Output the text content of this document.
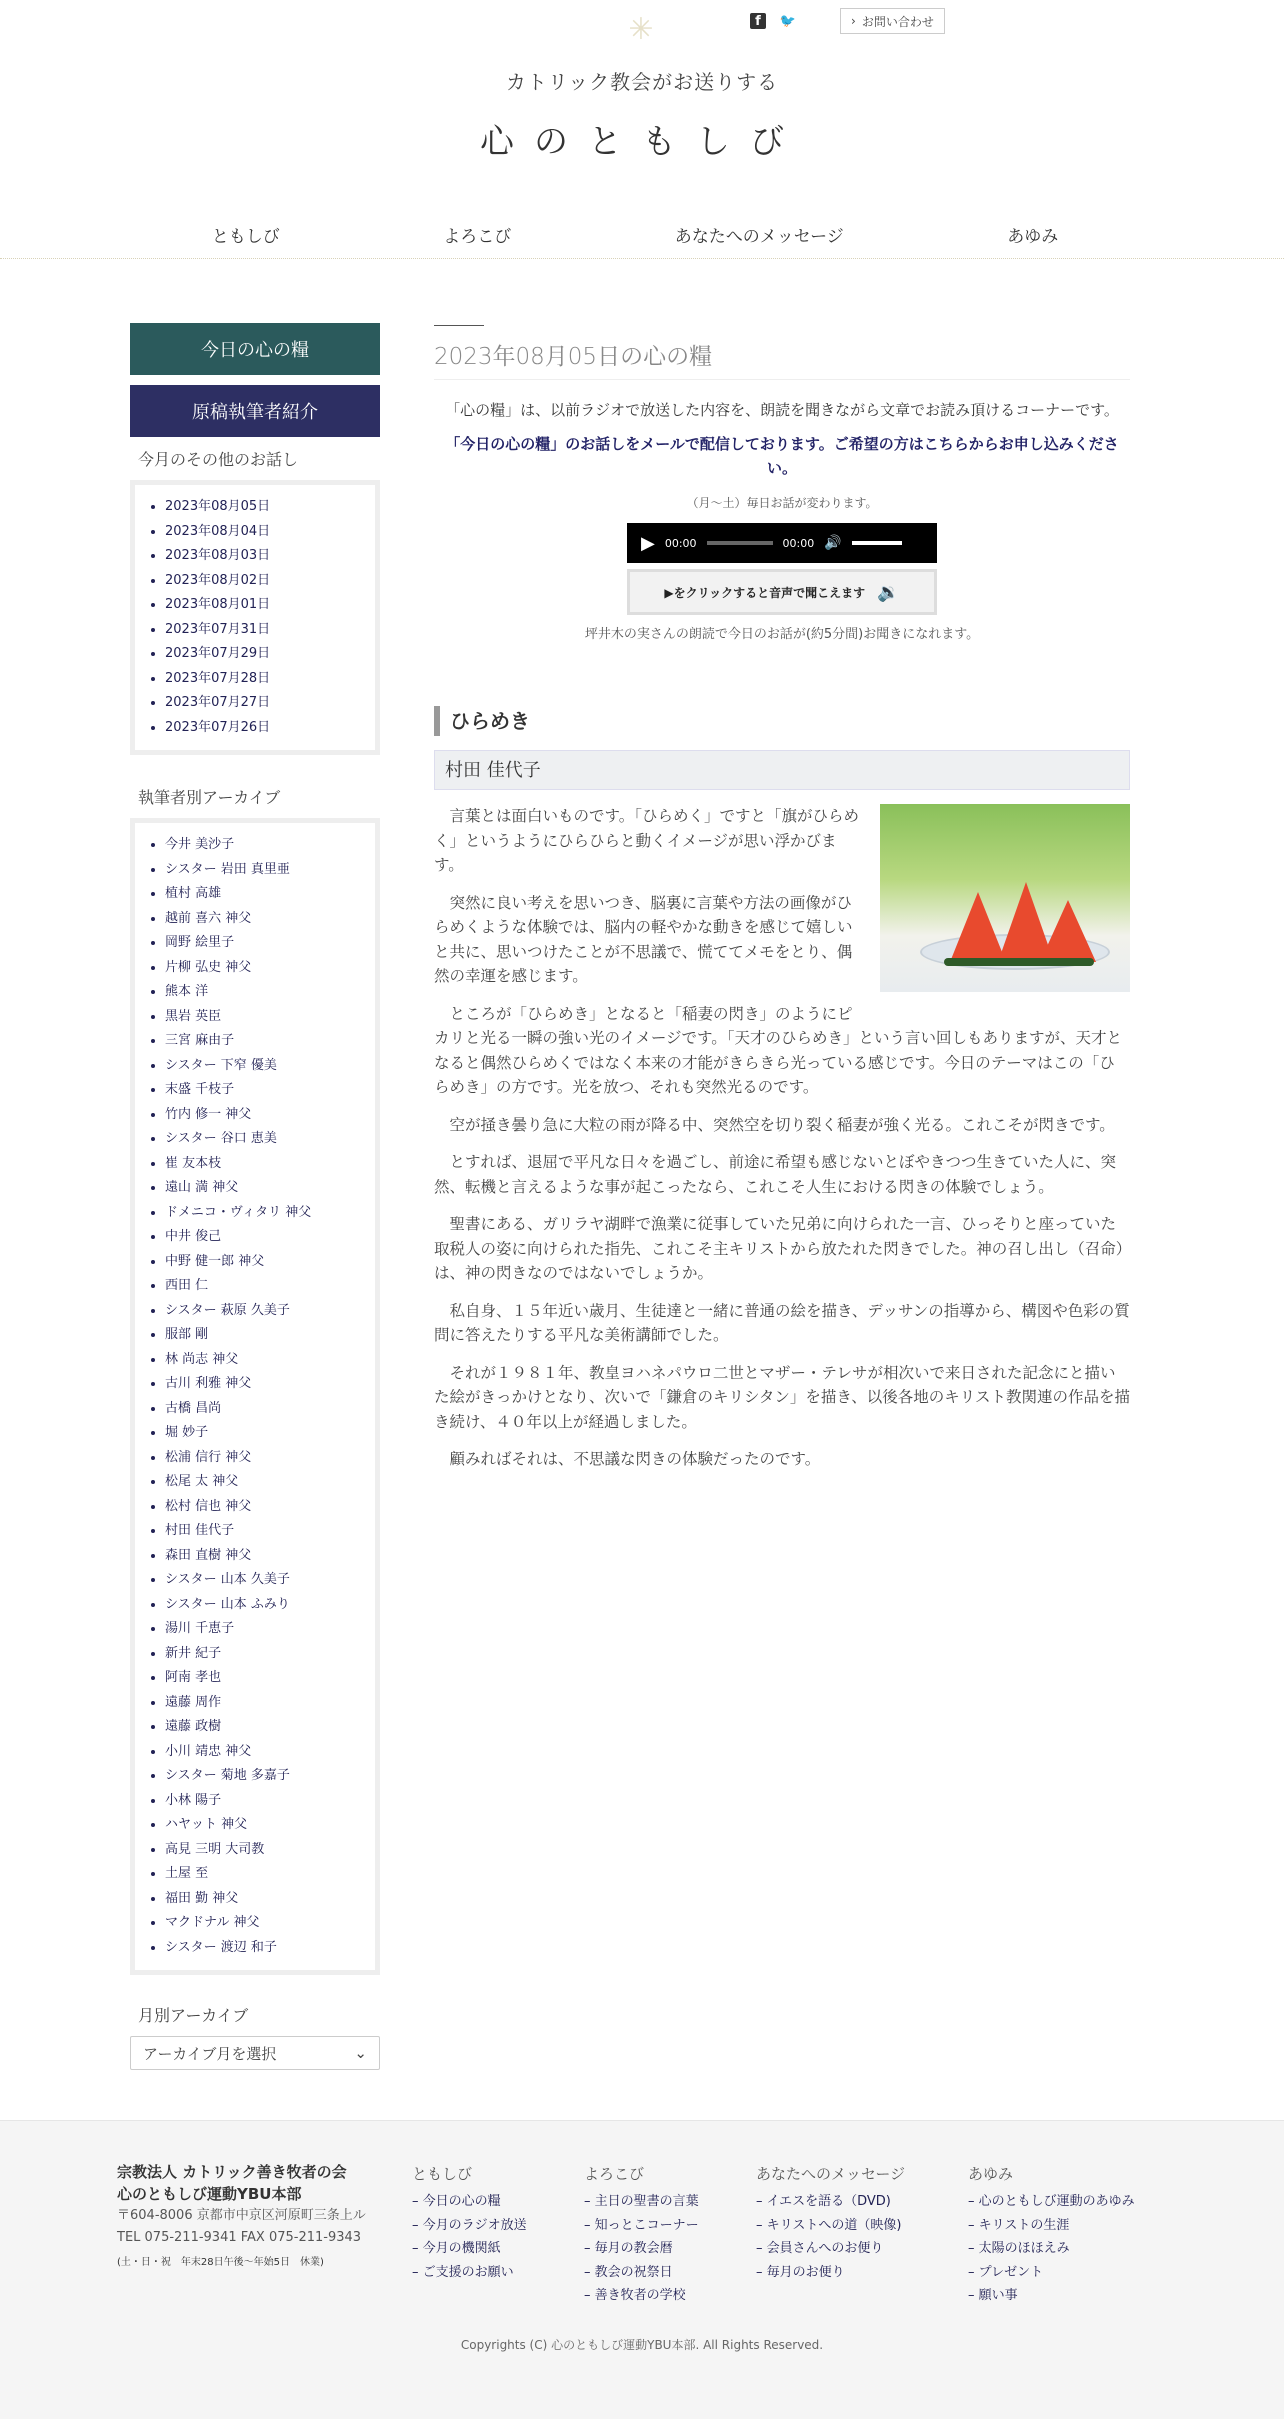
✳	f	🐦	› お問い合わせ
カトリック教会がお送りする
心のともしび
ともしび	よろこび	あなたへのメッセージ	あゆみ
今日の心の糧
原稿執筆者紹介
今月のその他のお話し
• 2023年08月05日
• 2023年08月04日
• 2023年08月03日
• 2023年08月02日
• 2023年08月01日
• 2023年07月31日
• 2023年07月29日
• 2023年07月28日
• 2023年07月27日
• 2023年07月26日
執筆者別アーカイブ
• 今井 美沙子
• シスター 岩田 真里亜
• 植村 高雄
• 越前 喜六 神父
• 岡野 絵里子
• 片柳 弘史 神父
• 熊本 洋
• 黒岩 英臣
• 三宮 麻由子
• シスター 下窄 優美
• 末盛 千枝子
• 竹内 修一 神父
• シスター 谷口 恵美
• 崔 友本枝
• 遠山 満 神父
• ドメニコ・ヴィタリ 神父
• 中井 俊己
• 中野 健一郎 神父
• 西田 仁
• シスター 萩原 久美子
• 服部 剛
• 林 尚志 神父
• 古川 利雅 神父
• 古橋 昌尚
• 堀 妙子
• 松浦 信行 神父
• 松尾 太 神父
• 松村 信也 神父
• 村田 佳代子
• 森田 直樹 神父
• シスター 山本 久美子
• シスター 山本 ふみり
• 湯川 千恵子
• 新井 紀子
• 阿南 孝也
• 遠藤 周作
• 遠藤 政樹
• 小川 靖忠 神父
• シスター 菊地 多嘉子
• 小林 陽子
• ハヤット 神父
• 高見 三明 大司教
• 土屋 至
• 福田 勤 神父
• マクドナル 神父
• シスター 渡辺 和子
月別アーカイブ
アーカイブ月を選択	⌄
2023年08月05日の心の糧

「心の糧」は、以前ラジオで放送した内容を、朗読を聞きながら文章でお読み頂けるコーナーです。

「今日の心の糧」のお話しをメールで配信しております。ご希望の方はこちらからお申し込みください。

（月〜土）毎日お話が変わります。

▶ 00:00	00:00 🔊
▶をクリックすると音声で聞こえます 🔉

坪井木の実さんの朗読で今日のお話が(約5分間)お聞きになれます。

ひらめき
村田 佳代子

言葉とは面白いものです。「ひらめく」ですと「旗がひらめく」というようにひらひらと動くイメージが思い浮かびます。

突然に良い考えを思いつき、脳裏に言葉や方法の画像がひらめくような体験では、脳内の軽やかな動きを感じて嬉しいと共に、思いつけたことが不思議で、慌ててメモをとり、偶然の幸運を感じます。

ところが「ひらめき」となると「稲妻の閃き」のようにピカリと光る一瞬の強い光のイメージです。「天才のひらめき」という言い回しもありますが、天才となると偶然ひらめくではなく本来の才能がきらきら光っている感じです。今日のテーマはこの「ひらめき」の方です。光を放つ、それも突然光るのです。

空が掻き曇り急に大粒の雨が降る中、突然空を切り裂く稲妻が強く光る。これこそが閃きです。

とすれば、退屈で平凡な日々を過ごし、前途に希望も感じないとぼやきつつ生きていた人に、突然、転機と言えるような事が起こったなら、これこそ人生における閃きの体験でしょう。

聖書にある、ガリラヤ湖畔で漁業に従事していた兄弟に向けられた一言、ひっそりと座っていた取税人の姿に向けられた指先、これこそ主キリストから放たれた閃きでした。神の召し出し（召命）は、神の閃きなのではないでしょうか。

私自身、１５年近い歳月、生徒達と一緒に普通の絵を描き、デッサンの指導から、構図や色彩の質問に答えたりする平凡な美術講師でした。

それが１９８１年、教皇ヨハネパウロ二世とマザー・テレサが相次いで来日された記念にと描いた絵がきっかけとなり、次いで「鎌倉のキリシタン」を描き、以後各地のキリスト教関連の作品を描き続け、４０年以上が経過しました。

顧みればそれは、不思議な閃きの体験だったのです。

宗教法人 カトリック善き牧者の会
心のともしび運動YBU本部
〒604-8006 京都市中京区河原町三条上ル
TEL 075-211-9341 FAX 075-211-9343
(土・日・祝　年末28日午後〜年始5日　休業)
ともしび
– 今日の心の糧
– 今月のラジオ放送
– 今月の機関紙
– ご支援のお願い
よろこび
– 主日の聖書の言葉
– 知っとこコーナー
– 毎月の教会暦
– 教会の祝祭日
– 善き牧者の学校
あなたへのメッセージ
– イエスを語る（DVD)
– キリストへの道（映像)
– 会員さんへのお便り
– 毎月のお便り
あゆみ
– 心のともしび運動のあゆみ
– キリストの生涯
– 太陽のほほえみ
– プレゼント
– 願い事
Copyrights (C) 心のともしび運動YBU本部. All Rights Reserved.
